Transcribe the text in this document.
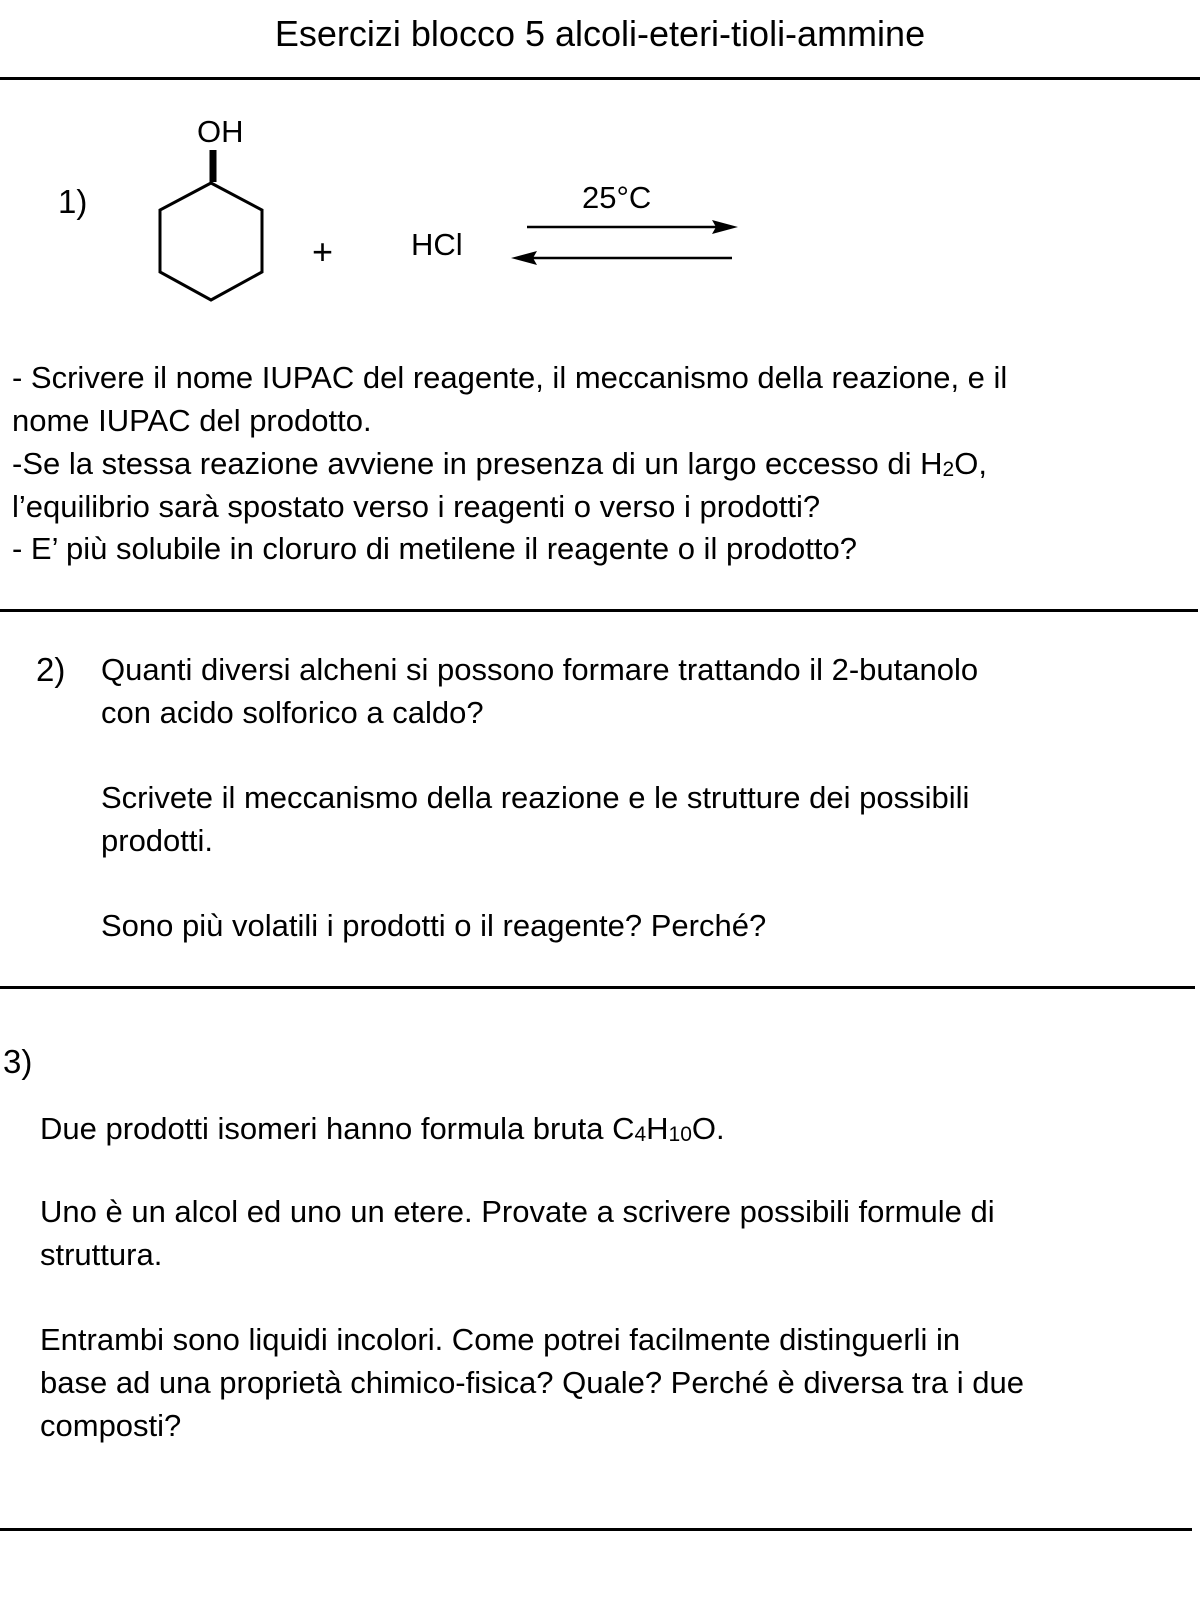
Esercizi blocco 5 alcoli-eteri-tioli-ammine
1)
OH
+	HCl
25°C
- Scrivere il nome IUPAC del reagente, il meccanismo della reazione, e il
nome IUPAC del prodotto.
-Se la stessa reazione avviene in presenza di un largo eccesso di $H_2O$,
l’equilibrio sarà spostato verso i reagenti o verso i prodotti?
- E’ più solubile in cloruro di metilene il reagente o il prodotto?
2) Quanti diversi alcheni si possono formare trattando il 2-butanolo
con acido solforico a caldo?
Scrivete il meccanismo della reazione e le strutture dei possibili
prodotti.
Sono più volatili i prodotti o il reagente? Perché?
3)
Due prodotti isomeri hanno formula bruta $C_4H_{10}O$.
Uno è un alcol ed uno un etere. Provate a scrivere possibili formule di
struttura.
Entrambi sono liquidi incolori. Come potrei facilmente distinguerli in
base ad una proprietà chimico-fisica? Quale? Perché è diversa tra i due
composti?
